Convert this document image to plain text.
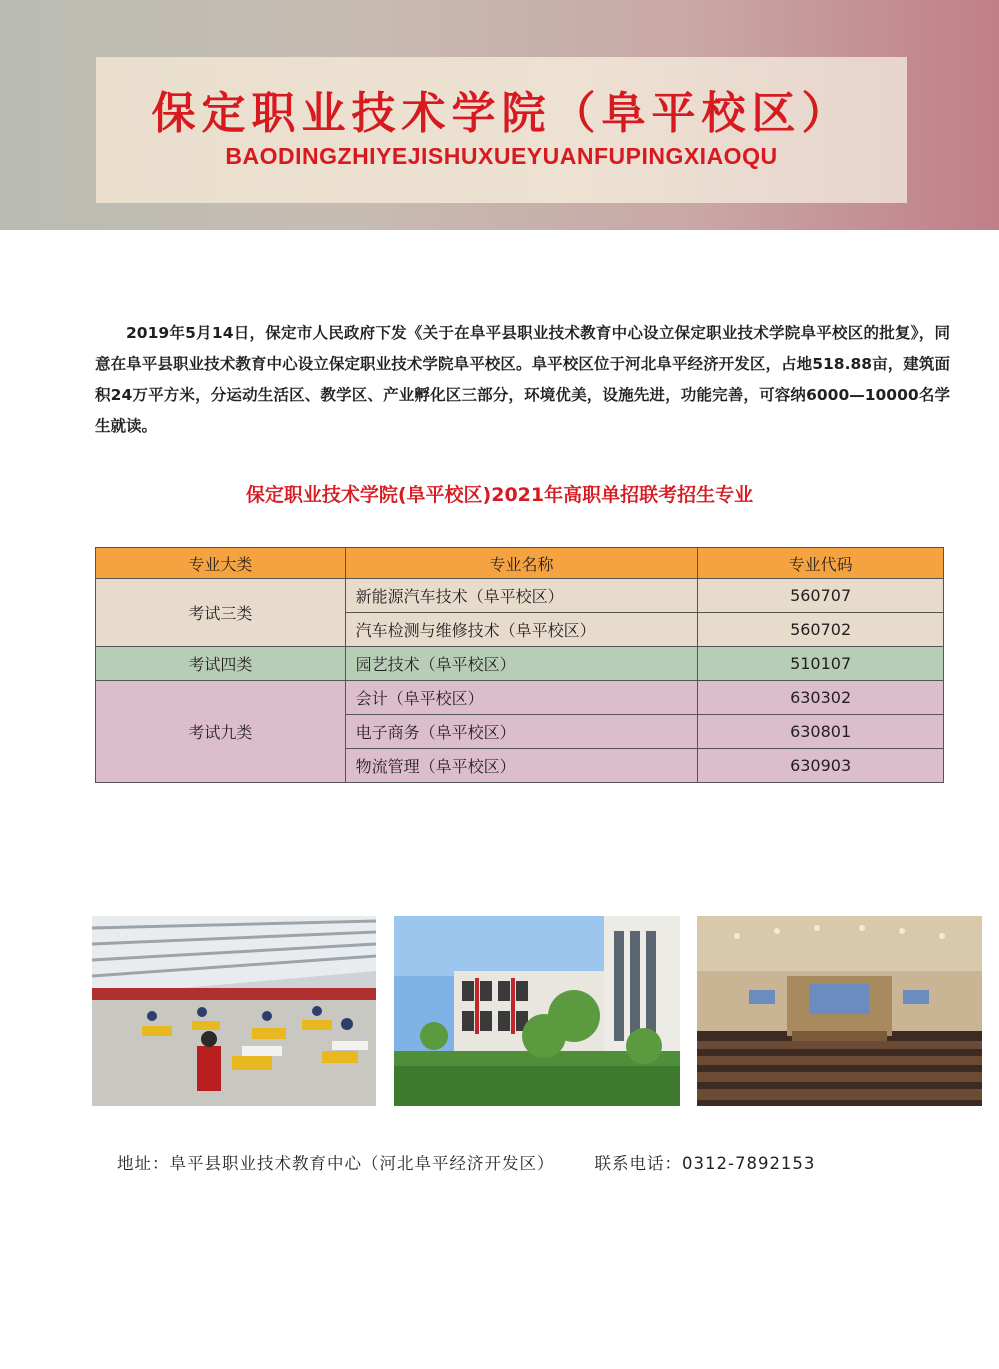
保定职业技术学院（阜平校区）
BAODINGZHIYEJISHUXUEYUANFUPINGXIAOQU

2019年5月14日，保定市人民政府下发《关于在阜平县职业技术教育中心设立保定职业技术学院阜平校区的批复》，同意在阜平县职业技术教育中心设立保定职业技术学院阜平校区。阜平校区位于河北阜平经济开发区，占地518.88亩，建筑面积24万平方米，分运动生活区、教学区、产业孵化区三部分，环境优美，设施先进，功能完善，可容纳6000—10000名学生就读。

保定职业技术学院(阜平校区)2021年高职单招联考招生专业
专业大类	专业名称	专业代码
考试三类	新能源汽车技术（阜平校区）	560707
	汽车检测与维修技术（阜平校区）	560702
考试四类	园艺技术（阜平校区）	510107
考试九类	会计（阜平校区）	630302
	电子商务（阜平校区）	630801
	物流管理（阜平校区）	630903
地址：阜平县职业技术教育中心（河北阜平经济开发区） 联系电话：0312-7892153
